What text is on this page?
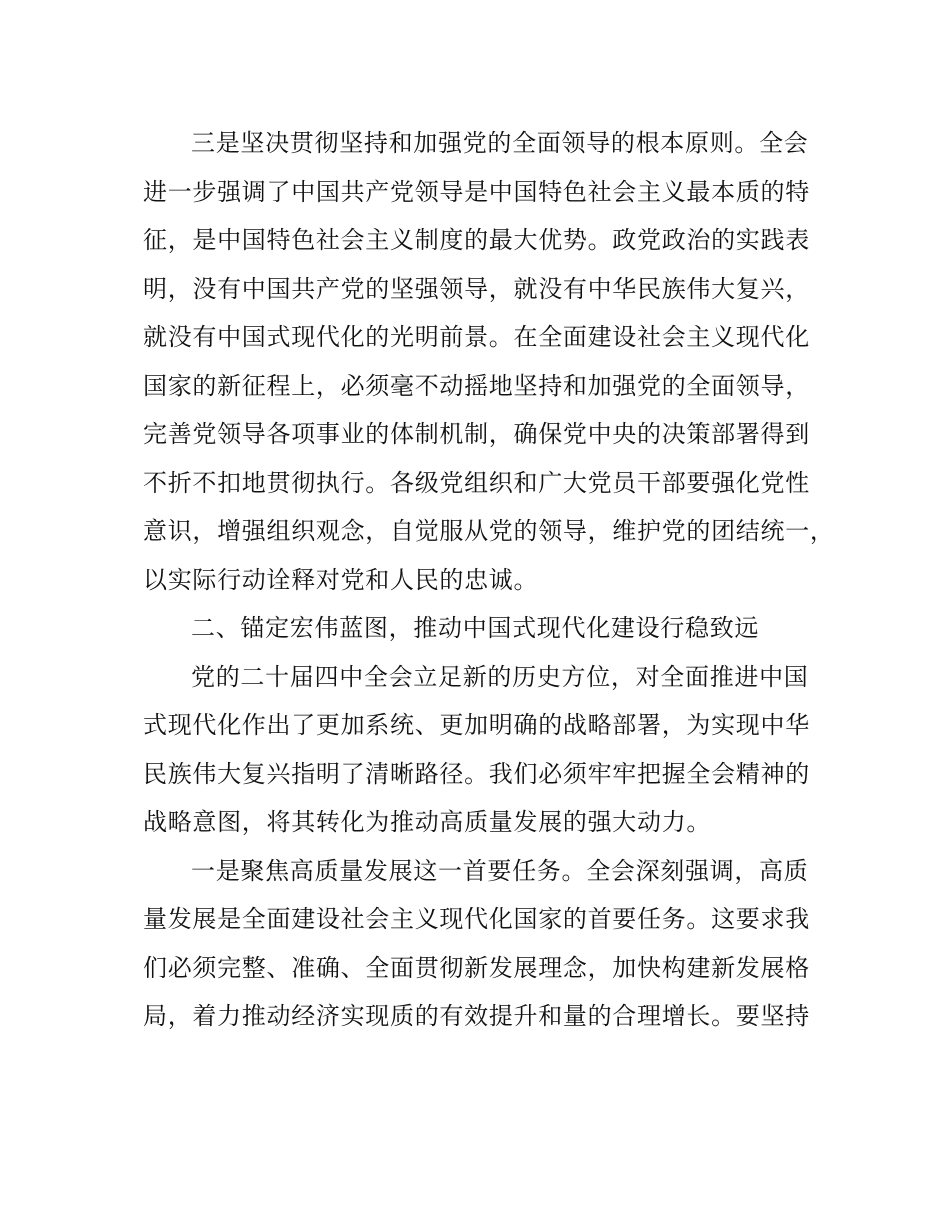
三是坚决贯彻坚持和加强党的全面领导的根本原则。全会
进一步强调了中国共产党领导是中国特色社会主义最本质的特
征，是中国特色社会主义制度的最大优势。政党政治的实践表
明，没有中国共产党的坚强领导，就没有中华民族伟大复兴，
就没有中国式现代化的光明前景。在全面建设社会主义现代化
国家的新征程上，必须毫不动摇地坚持和加强党的全面领导，
完善党领导各项事业的体制机制，确保党中央的决策部署得到
不折不扣地贯彻执行。各级党组织和广大党员干部要强化党性
意识，增强组织观念，自觉服从党的领导，维护党的团结统一，
以实际行动诠释对党和人民的忠诚。
二、锚定宏伟蓝图，推动中国式现代化建设行稳致远
党的二十届四中全会立足新的历史方位，对全面推进中国
式现代化作出了更加系统、更加明确的战略部署，为实现中华
民族伟大复兴指明了清晰路径。我们必须牢牢把握全会精神的
战略意图，将其转化为推动高质量发展的强大动力。
一是聚焦高质量发展这一首要任务。全会深刻强调，高质
量发展是全面建设社会主义现代化国家的首要任务。这要求我
们必须完整、准确、全面贯彻新发展理念，加快构建新发展格
局，着力推动经济实现质的有效提升和量的合理增长。要坚持
